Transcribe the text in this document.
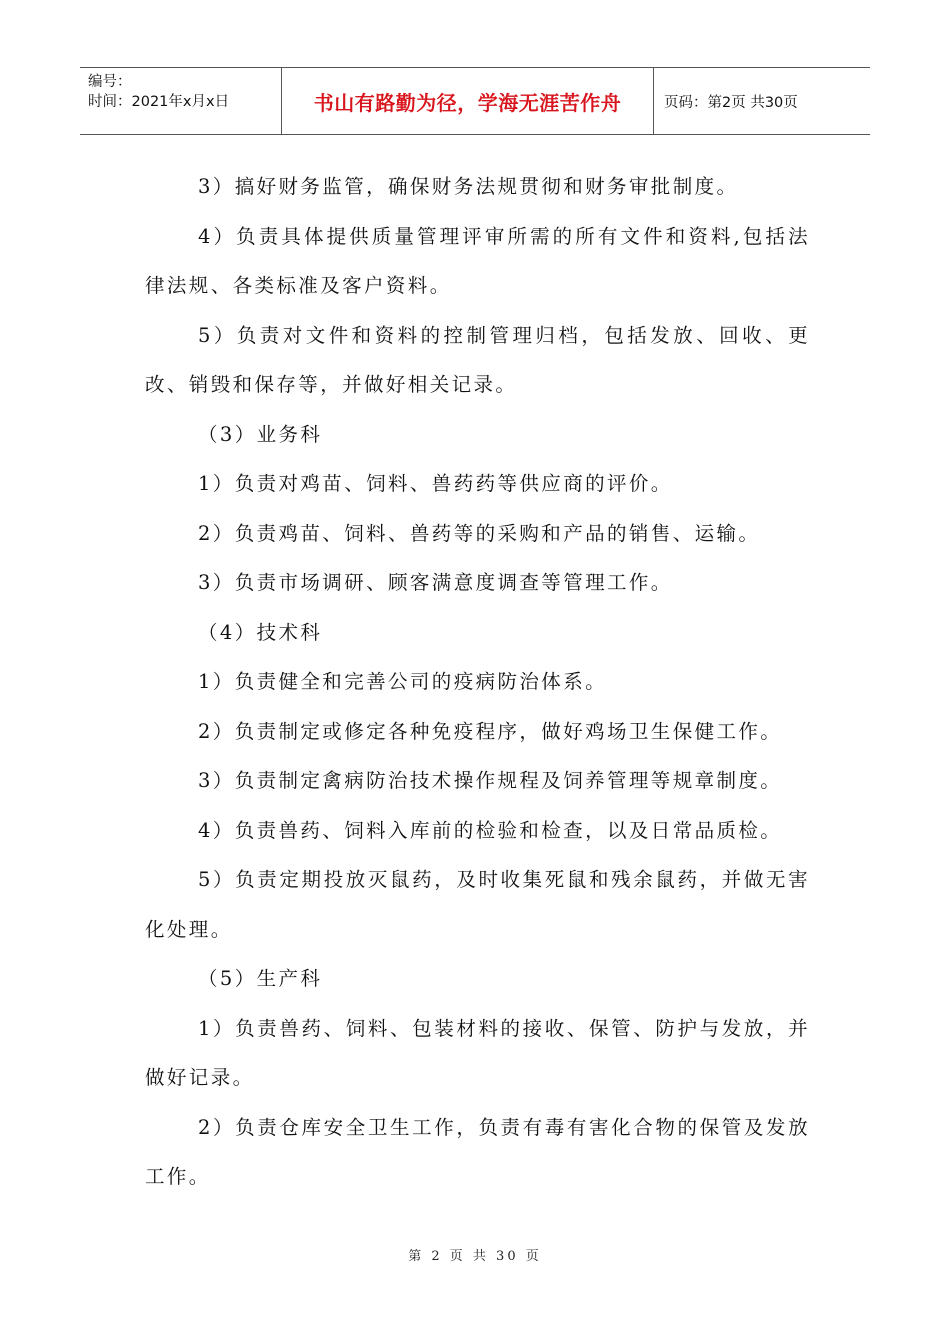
编号：
时间：2021年x月x日	书山有路勤为径，学海无涯苦作舟	页码：第2页 共30页

3）搞好财务监管，确保财务法规贯彻和财务审批制度。

4）负责具体提供质量管理评审所需的所有文件和资料,包括法律法规、各类标准及客户资料。

5）负责对文件和资料的控制管理归档，包括发放、回收、更改、销毁和保存等，并做好相关记录。

（3）业务科

1）负责对鸡苗、饲料、兽药药等供应商的评价。

2）负责鸡苗、饲料、兽药等的采购和产品的销售、运输。

3）负责市场调研、顾客满意度调查等管理工作。

（4）技术科

1）负责健全和完善公司的疫病防治体系。

2）负责制定或修定各种免疫程序，做好鸡场卫生保健工作。

3）负责制定禽病防治技术操作规程及饲养管理等规章制度。

4）负责兽药、饲料入库前的检验和检查，以及日常品质检。

5）负责定期投放灭鼠药，及时收集死鼠和残余鼠药，并做无害化处理。

（5）生产科

1）负责兽药、饲料、包装材料的接收、保管、防护与发放，并做好记录。

2）负责仓库安全卫生工作，负责有毒有害化合物的保管及发放工作。

第 2 页 共 30 页
